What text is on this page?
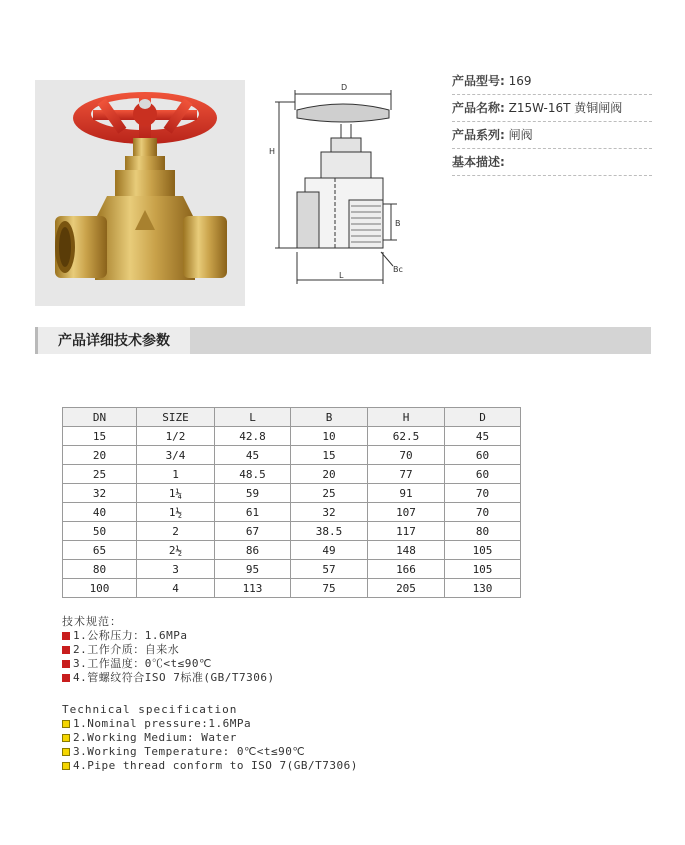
D
H
B
L
Bc
产品型号: 169
产品名称: Z15W-16T 黄铜闸阀
产品系列: 闸阀
基本描述:
产品详细技术参数
DN	SIZE	L	B	H	D
15	1/2	42.8	10	62.5	45
20	3/4	45	15	70	60
25	1	48.5	20	77	60
32	1¼	59	25	91	70
40	1½	61	32	107	70
50	2	67	38.5	117	80
65	2½	86	49	148	105
80	3	95	57	166	105
100	4	113	75	205	130
技术规范：
1.公称压力：1.6MPa
2.工作介质：自来水
3.工作温度：0℃<t≤90℃
4.管螺纹符合ISO 7标准(GB/T7306)
Technical specification
1.Nominal pressure:1.6MPa
2.Working Medium: Water
3.Working Temperature: 0℃<t≤90℃
4.Pipe thread conform to ISO 7(GB/T7306)
